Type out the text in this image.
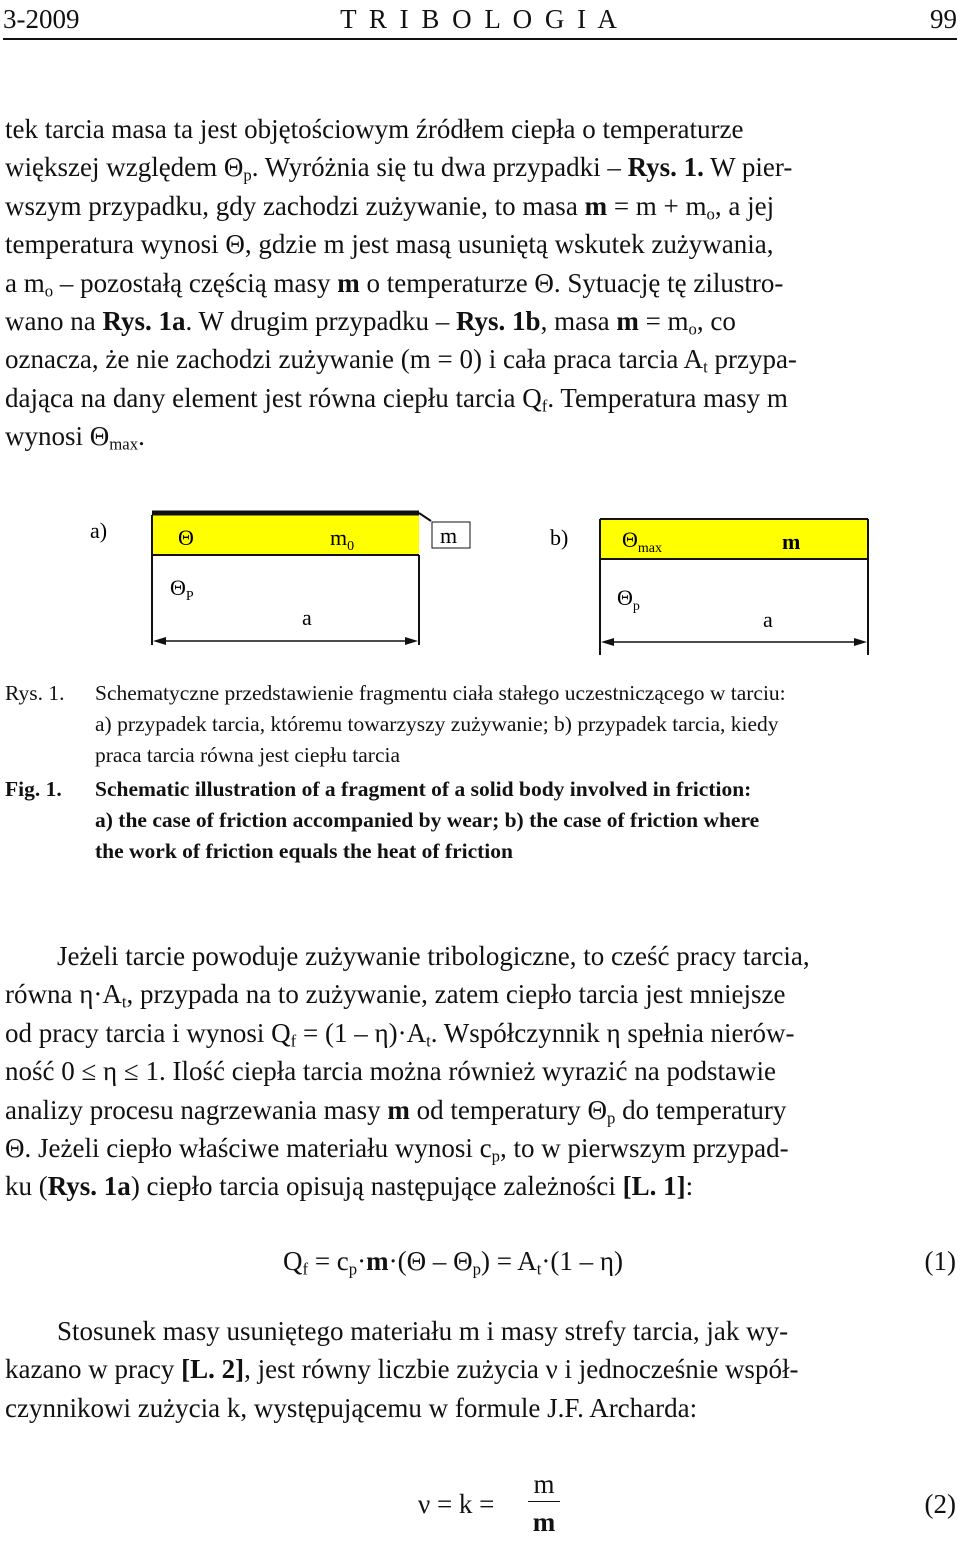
3-2009	T R I B O L O G I A	99
tek tarcia masa ta jest objętościowym źródłem ciepła o temperaturze
większej względem $\Theta_p$. Wyróżnia się tu dwa przypadki – Rys. 1. W pier-
wszym przypadku, gdy zachodzi zużywanie, to masa $m = m + m_o$, a jej
temperatura wynosi Θ, gdzie m jest masą usuniętą wskutek zużywania,
a $m_o$ – pozostałą częścią masy m o temperaturze Θ. Sytuację tę zilustro-
wano na Rys. 1a. W drugim przypadku – Rys. 1b, masa $m = m_o$, co
oznacza, że nie zachodzi zużywanie (m = 0) i cała praca tarcia $A_t$ przypa-
dająca na dany element jest równa ciepłu tarcia $Q_f$. Temperatura masy m
wynosi $\Theta_{max}$.
a)	m
Θ	$m_0$
$\Theta_P$
a
b) $\Theta_{max}$	m
$\Theta_p$
a
Rys. 1. Schematyczne przedstawienie fragmentu ciała stałego uczestniczącego w tarciu:
a) przypadek tarcia, któremu towarzyszy zużywanie; b) przypadek tarcia, kiedy
praca tarcia równa jest ciepłu tarcia
Fig. 1. Schematic illustration of a fragment of a solid body involved in friction:
a) the case of friction accompanied by wear; b) the case of friction where
the work of friction equals the heat of friction
Jeżeli tarcie powoduje zużywanie tribologiczne, to cześć pracy tarcia,
równa $\eta\cdot A_t$, przypada na to zużywanie, zatem ciepło tarcia jest mniejsze
od pracy tarcia i wynosi $Q_f = (1 - \eta)\cdot A_t$. Współczynnik η spełnia nierów-
ność 0 ≤ η ≤ 1. Ilość ciepła tarcia można również wyrazić na podstawie
analizy procesu nagrzewania masy m od temperatury $\Theta_p$ do temperatury
Θ. Jeżeli ciepło właściwe materiału wynosi $c_p$, to w pierwszym przypad-
ku (Rys. 1a) ciepło tarcia opisują następujące zależności [L. 1]:
$Q_f = c_p\cdot m\cdot(\Theta - \Theta_p) = A_t\cdot(1 - \eta)$	(1)
Stosunek masy usuniętego materiału m i masy strefy tarcia, jak wy-
kazano w pracy [L. 2], jest równy liczbie zużycia ν i jednocześnie współ-
czynnikowi zużycia k, występującemu w formule J.F. Archarda:
ν = k =
m
m
(2)
